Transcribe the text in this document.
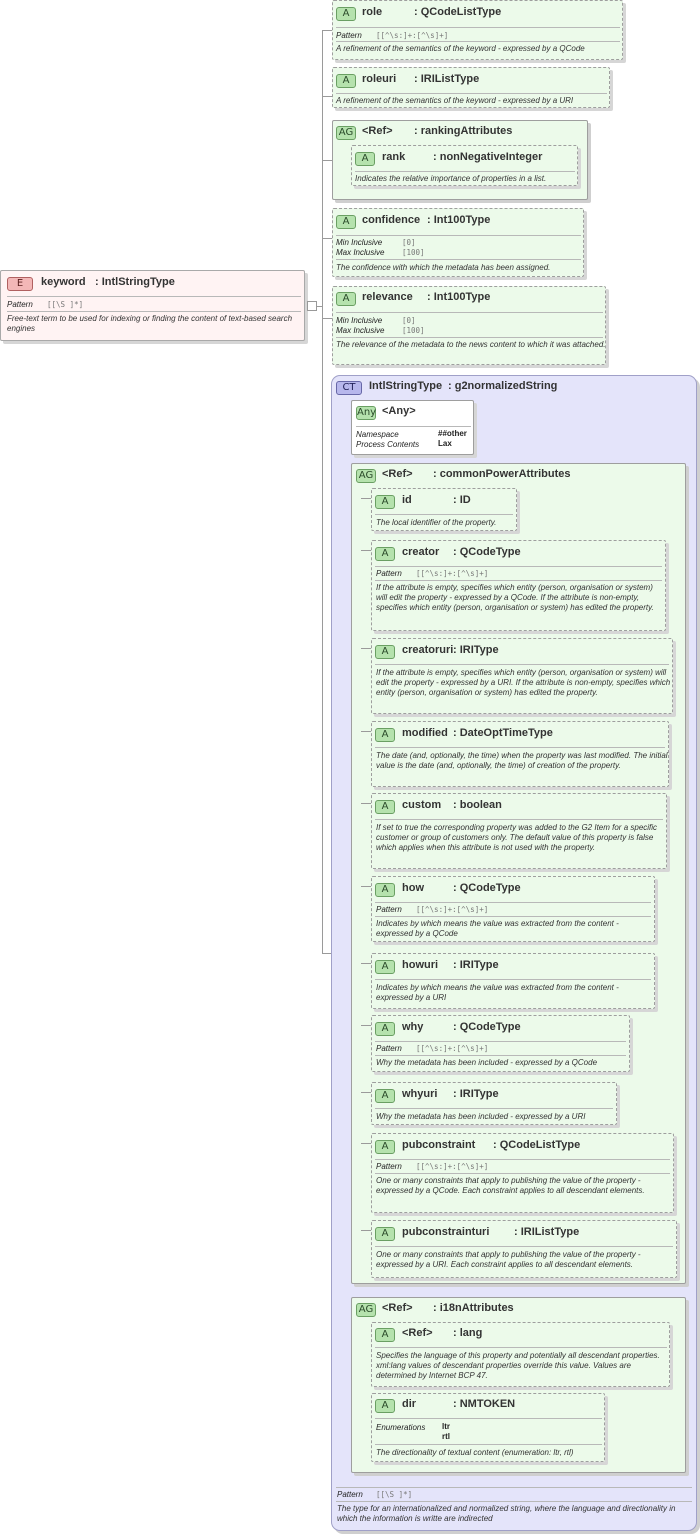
E	keyword : IntlStringType
Pattern [[\S ]*]
Free-text term to be used for indexing or finding the content of text-based search engines
A	role	: QCodeListType
Pattern [[^\s:]+:[^\s]+]
A refinement of the semantics of the keyword - expressed by a QCode
A	roleuri : IRIListType
A refinement of the semantics of the keyword - expressed by a URI
AG <Ref> : rankingAttributes
A	rank	: nonNegativeInteger
Indicates the relative importance of properties in a list.
A	confidence : Int100Type
Min Inclusive	[0]
Max Inclusive [100]
The confidence with which the metadata has been assigned.
A	relevance : Int100Type
Min Inclusive	[0]
Max Inclusive [100]
The relevance of the metadata to the news content to which it was attached.
CT	IntlStringType : g2normalizedString
Pattern [[\S ]*]
The type for an internationalized and normalized string, where the language and directionality in which the information is writte are indirected
Any <Any>
Namespace	##other
Process Contents Lax
AG <Ref> : commonPowerAttributes
A	id	: ID
The local identifier of the property.
A	creator : QCodeType
Pattern [[^\s:]+:[^\s]+]
If the attribute is empty, specifies which entity (person, organisation or system) will edit the property - expressed by a QCode. If the attribute is non-empty, specifies which entity (person, organisation or system) has edited the property.
A	creatoruri : IRIType
If the attribute is empty, specifies which entity (person, organisation or system) will edit the property - expressed by a URI. If the attribute is non-empty, specifies which entity (person, organisation or system) has edited the property.
A	modified : DateOptTimeType
The date (and, optionally, the time) when the property was last modified. The initial value is the date (and, optionally, the time) of creation of the property.
A	custom : boolean
If set to true the corresponding property was added to the G2 Item for a specific customer or group of customers only. The default value of this property is false which applies when this attribute is not used with the property.
A	how	: QCodeType
Pattern [[^\s:]+:[^\s]+]
Indicates by which means the value was extracted from the content - expressed by a QCode
A	howuri : IRIType
Indicates by which means the value was extracted from the content - expressed by a URI
A	why	: QCodeType
Pattern [[^\s:]+:[^\s]+]
Why the metadata has been included - expressed by a QCode
A	whyuri : IRIType
Why the metadata has been included - expressed by a URI
A	pubconstraint : QCodeListType
Pattern [[^\s:]+:[^\s]+]
One or many constraints that apply to publishing the value of the property - expressed by a QCode. Each constraint applies to all descendant elements.
A	pubconstrainturi : IRIListType
One or many constraints that apply to publishing the value of the property - expressed by a URI. Each constraint applies to all descendant elements.
AG <Ref> : i18nAttributes
A	<Ref> : lang
Specifies the language of this property and potentially all descendant properties. xml:lang values of descendant properties override this value. Values are determined by Internet BCP 47.
A	dir	: NMTOKEN
Enumerations ltr
rtl
The directionality of textual content (enumeration: ltr, rtl)
